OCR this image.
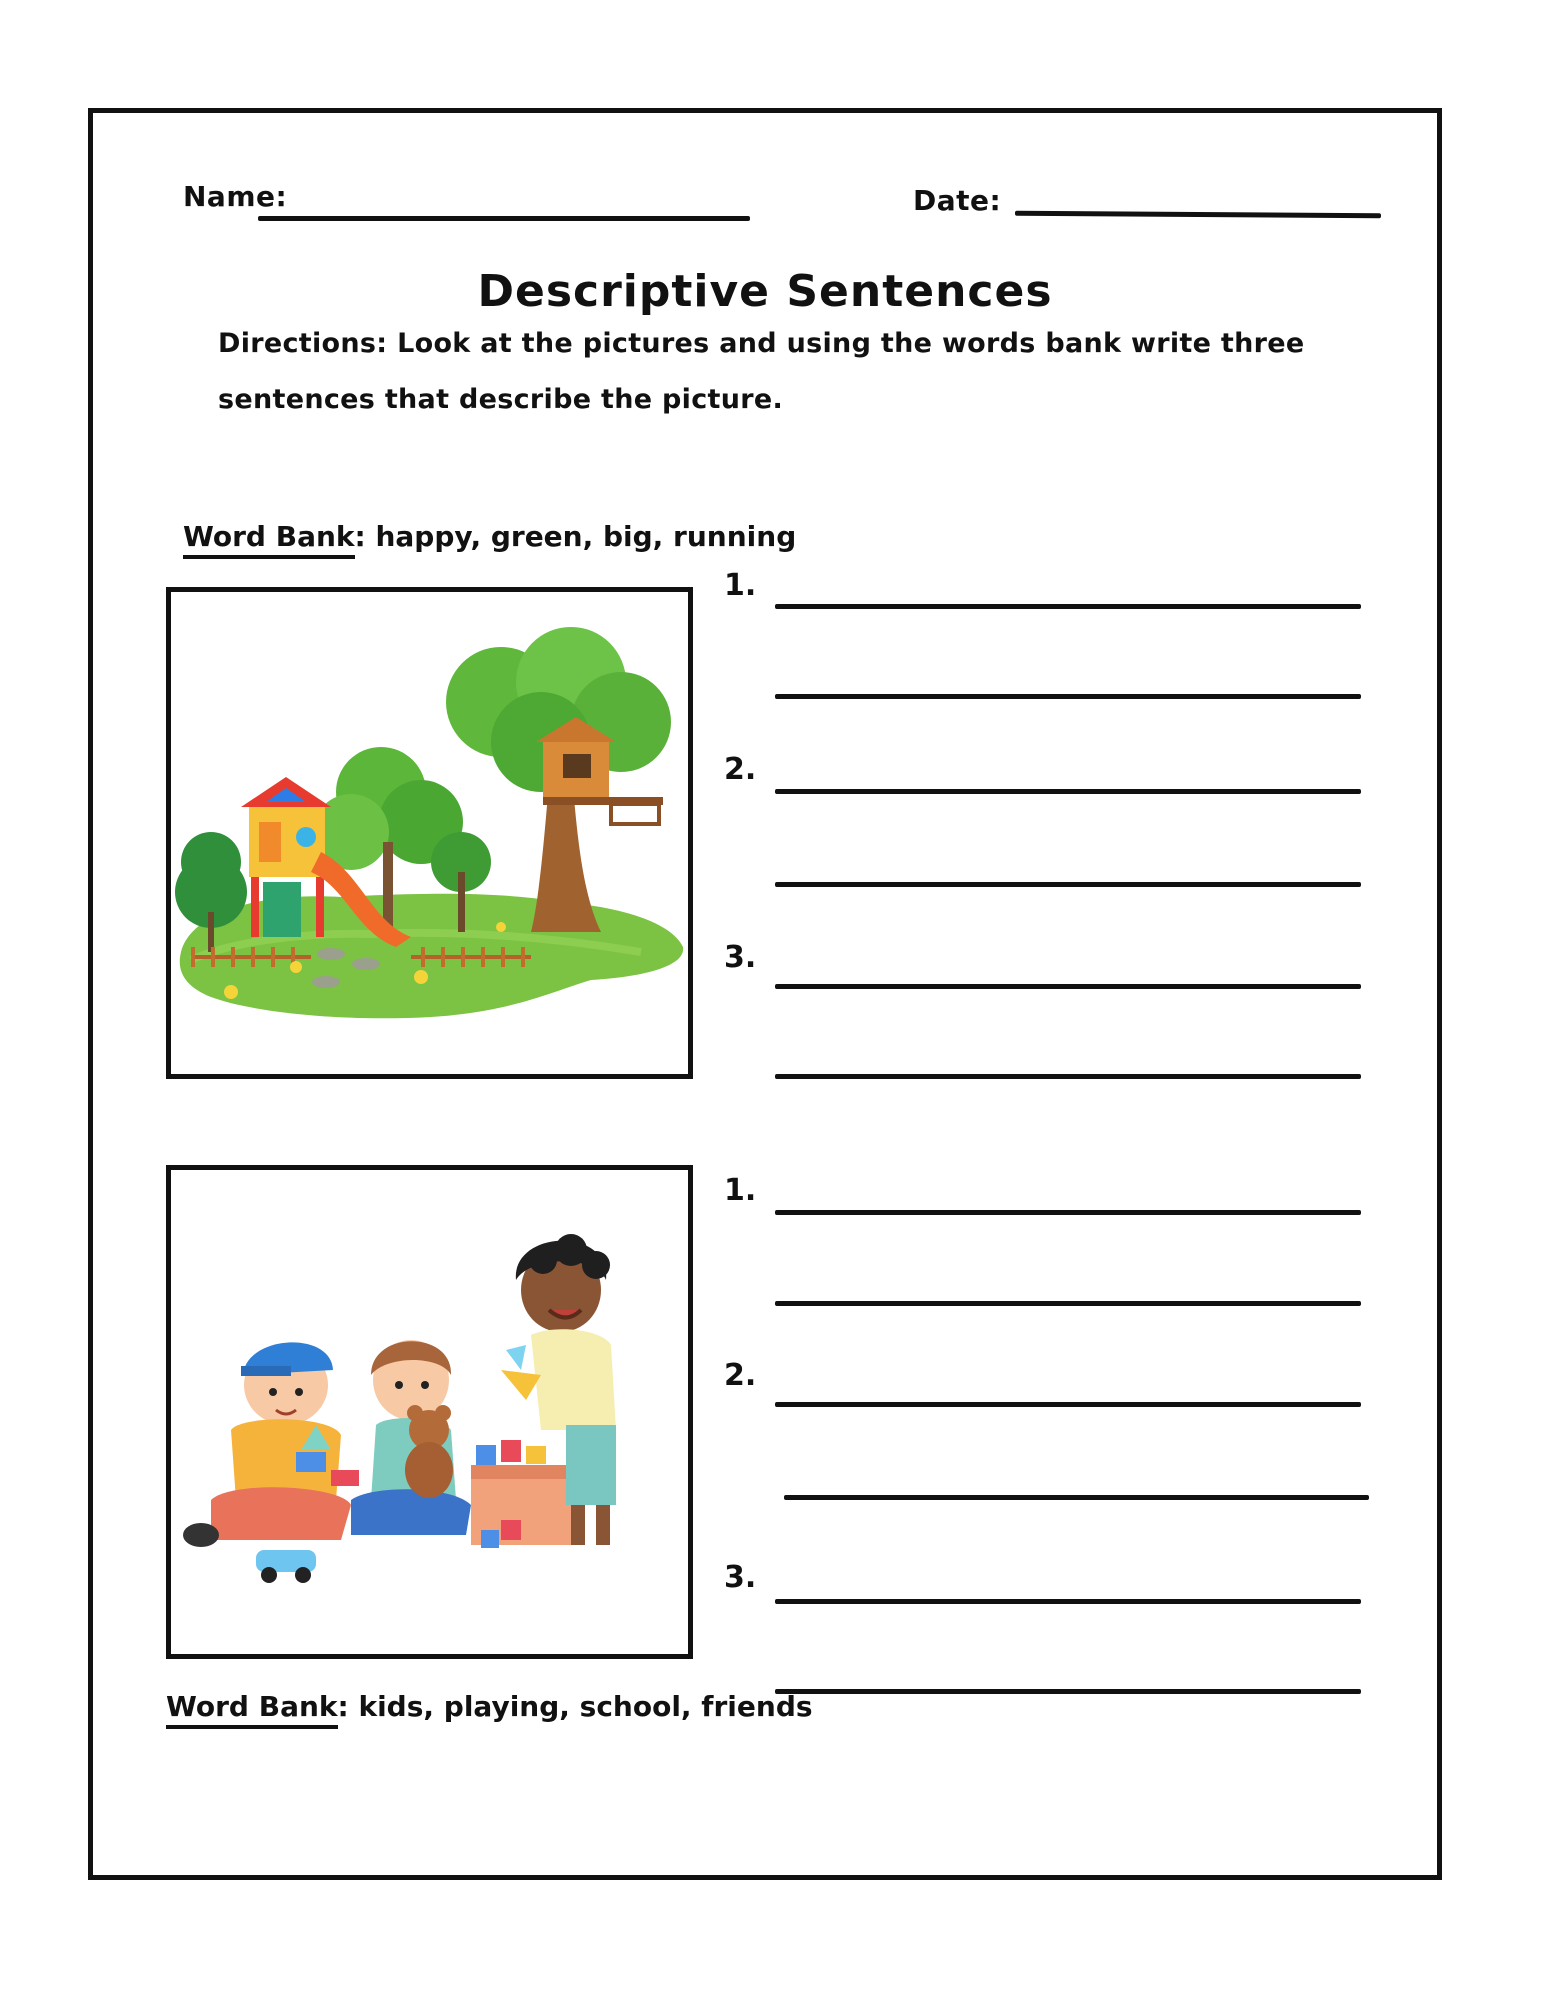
Name:	Date:
Descriptive Sentences
Directions: Look at the pictures and using the words bank write three sentences that describe the picture.
Word Bank: happy, green, big, running
1.
2.
3.
1.
2.
3.
Word Bank: kids, playing, school, friends
